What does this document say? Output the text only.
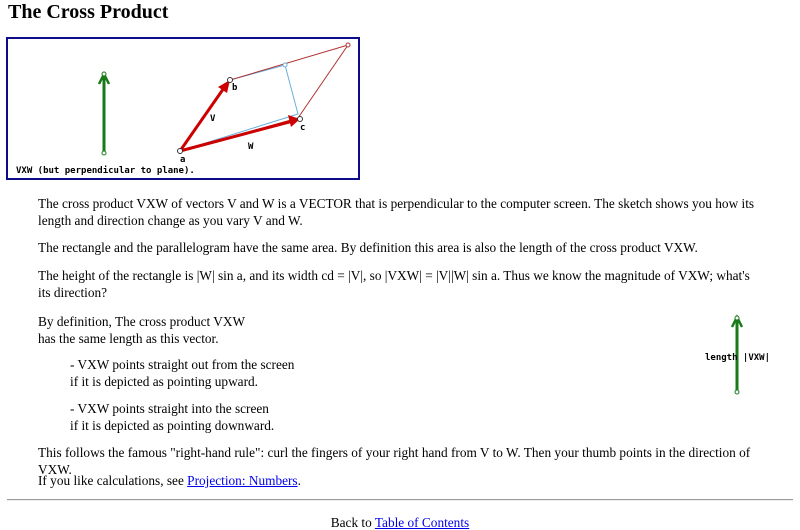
The Cross Product
a
b
c
V
W
VXW (but perpendicular to plane).

The cross product VXW of vectors V and W is a VECTOR that is perpendicular to the computer screen. The sketch shows you how its length and direction change as you vary V and W.

The rectangle and the parallelogram have the same area. By definition this area is also the length of the cross product VXW.

The height of the rectangle is |W| sin a, and its width cd = |V|, so |VXW| = |V||W| sin a. Thus we know the magnitude of VXW; what's its direction?

By definition, The cross product VXW
has the same length as this vector.

- VXW points straight out from the screen
if it is depicted as pointing upward.

- VXW points straight into the screen
if it is depicted as pointing downward.

This follows the famous "right-hand rule": curl the fingers of your right hand from V to W. Then your thumb points in the direction of VXW.

If you like calculations, see Projection: Numbers.

length |VXW|
Back to Table of Contents
